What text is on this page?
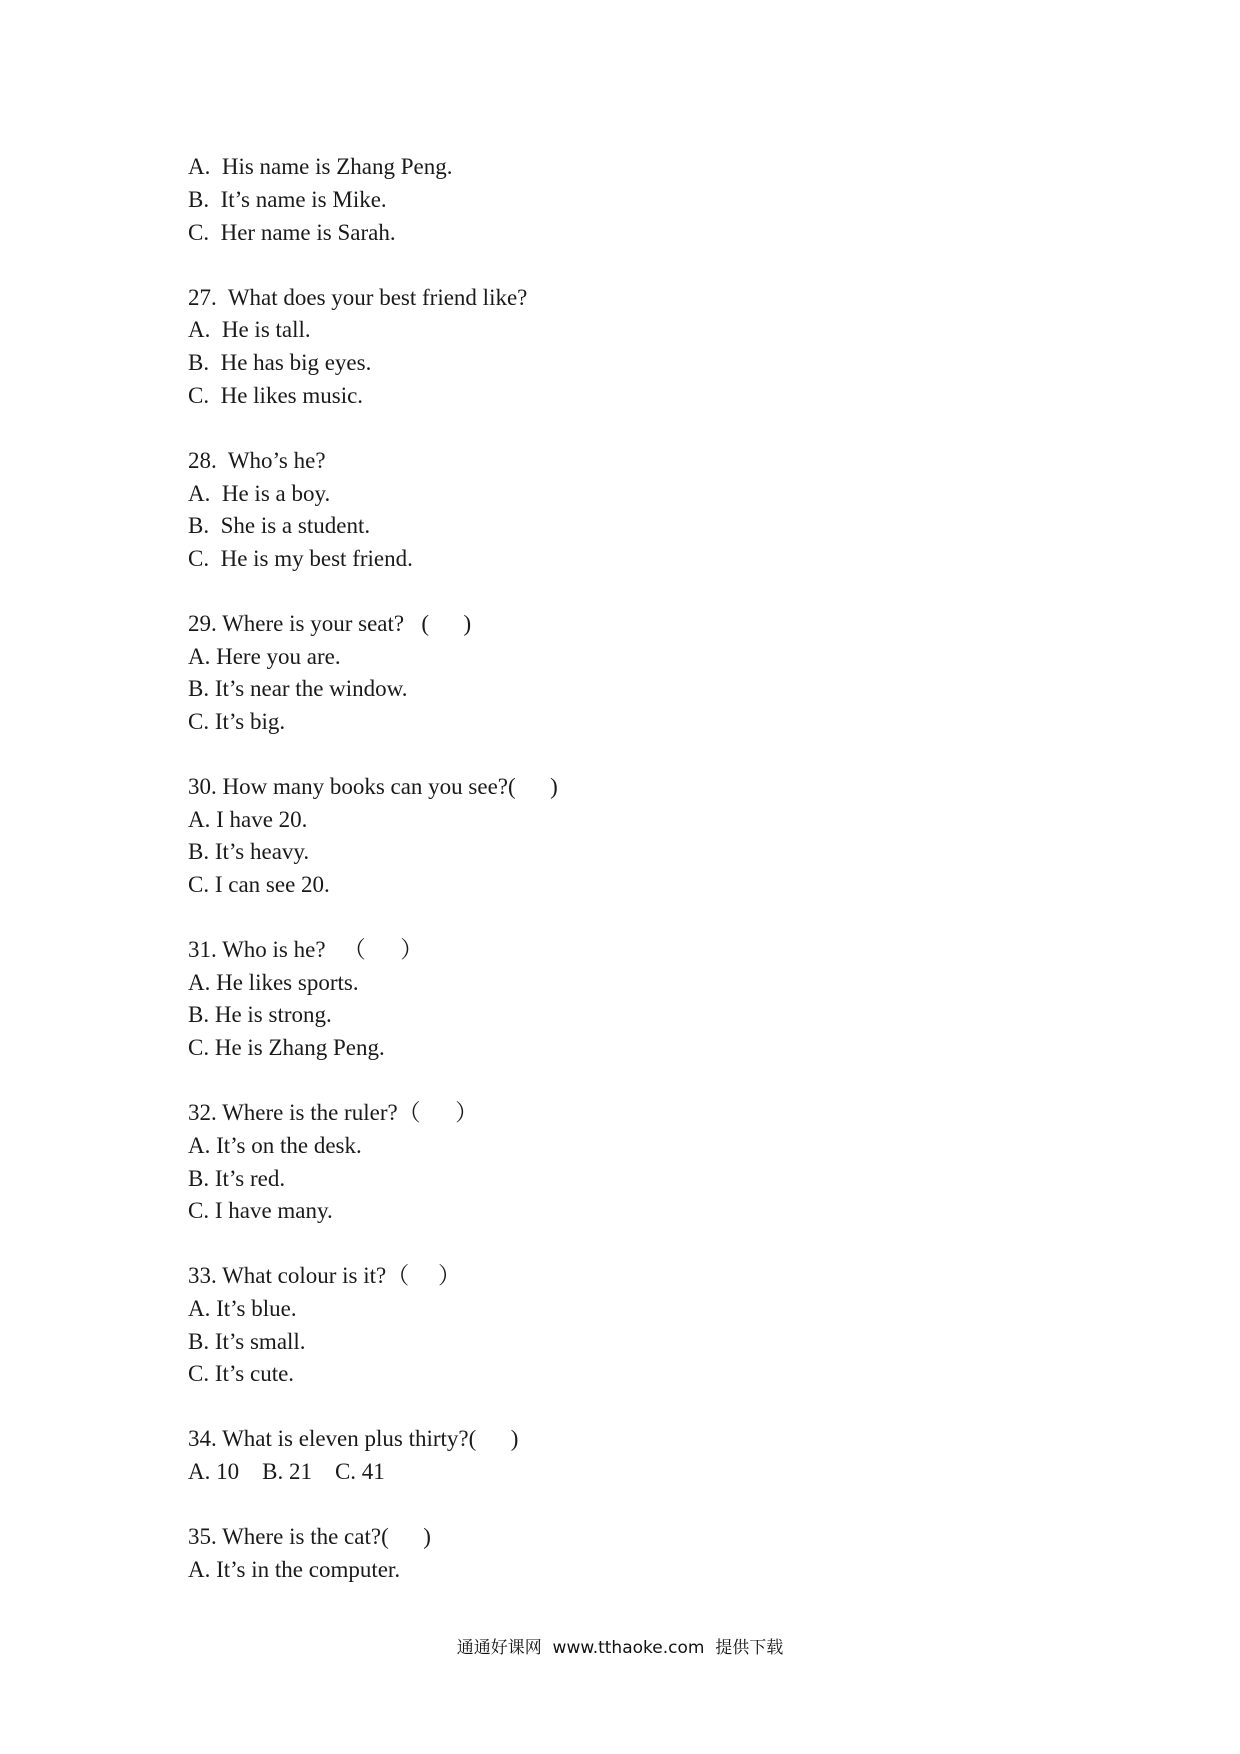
A.  His name is Zhang Peng.
B.  It’s name is Mike.
C.  Her name is Sarah.
27.  What does your best friend like?
A.  He is tall.
B.  He has big eyes.
C.  He likes music.
28.  Who’s he?
A.  He is a boy.
B.  She is a student.
C.  He is my best friend.
29. Where is your seat?   (      )
A. Here you are.
B. It’s near the window.
C. It’s big.
30. How many books can you see?(      )
A. I have 20.
B. It’s heavy.
C. I can see 20.
31. Who is he?   （      ）
A. He likes sports.
B. He is strong.
C. He is Zhang Peng.
32. Where is the ruler?（      ）
A. It’s on the desk.
B. It’s red.
C. I have many.
33. What colour is it?（     ）
A. It’s blue.
B. It’s small.
C. It’s cute.
34. What is eleven plus thirty?(      )
A. 10    B. 21    C. 41
35. Where is the cat?(      )
A. It’s in the computer.
通通好课网  www.tthaoke.com  提供下载
